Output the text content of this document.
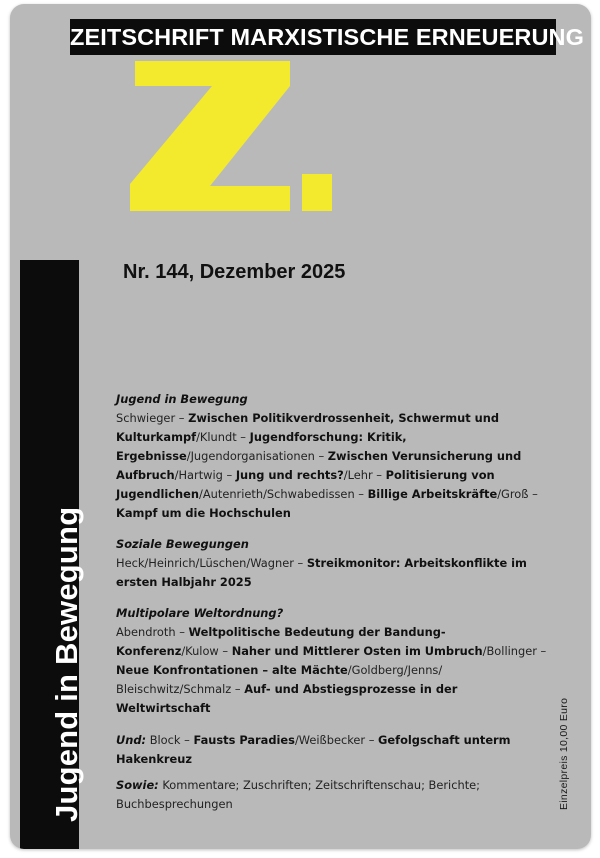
ZEITSCHRIFT MARXISTISCHE ERNEUERUNG
Nr. 144, Dezember 2025
Jugend in Bewegung	Einzelpreis 10,00 Euro

Jugend in Bewegung

Schwieger – Zwischen Politikverdrossenheit, Schwermut und Kulturkampf/Klundt – Jugendforschung: Kritik, Ergebnisse/Jugendorganisationen – Zwischen Verunsicherung und Aufbruch/Hartwig – Jung und rechts?/Lehr – Politisierung von Jugendlichen/Autenrieth/Schwabedissen – Billige Arbeitskräfte/Groß – Kampf um die Hochschulen

Soziale Bewegungen

Heck/Heinrich/Lüschen/Wagner – Streikmonitor: Arbeitskonflikte im ersten Halbjahr 2025

Multipolare Weltordnung?

Abendroth – Weltpolitische Bedeutung der Bandung-Konferenz/Kulow – Naher und Mittlerer Osten im Umbruch/Bollinger – Neue Konfrontationen – alte Mächte/Goldberg/Jenns/ Bleischwitz/Schmalz – Auf- und Abstiegsprozesse in der Weltwirtschaft

Und: Block – Fausts Paradies/Weißbecker – Gefolgschaft unterm Hakenkreuz

Sowie: Kommentare; Zuschriften; Zeitschriftenschau; Berichte; Buchbesprechungen
